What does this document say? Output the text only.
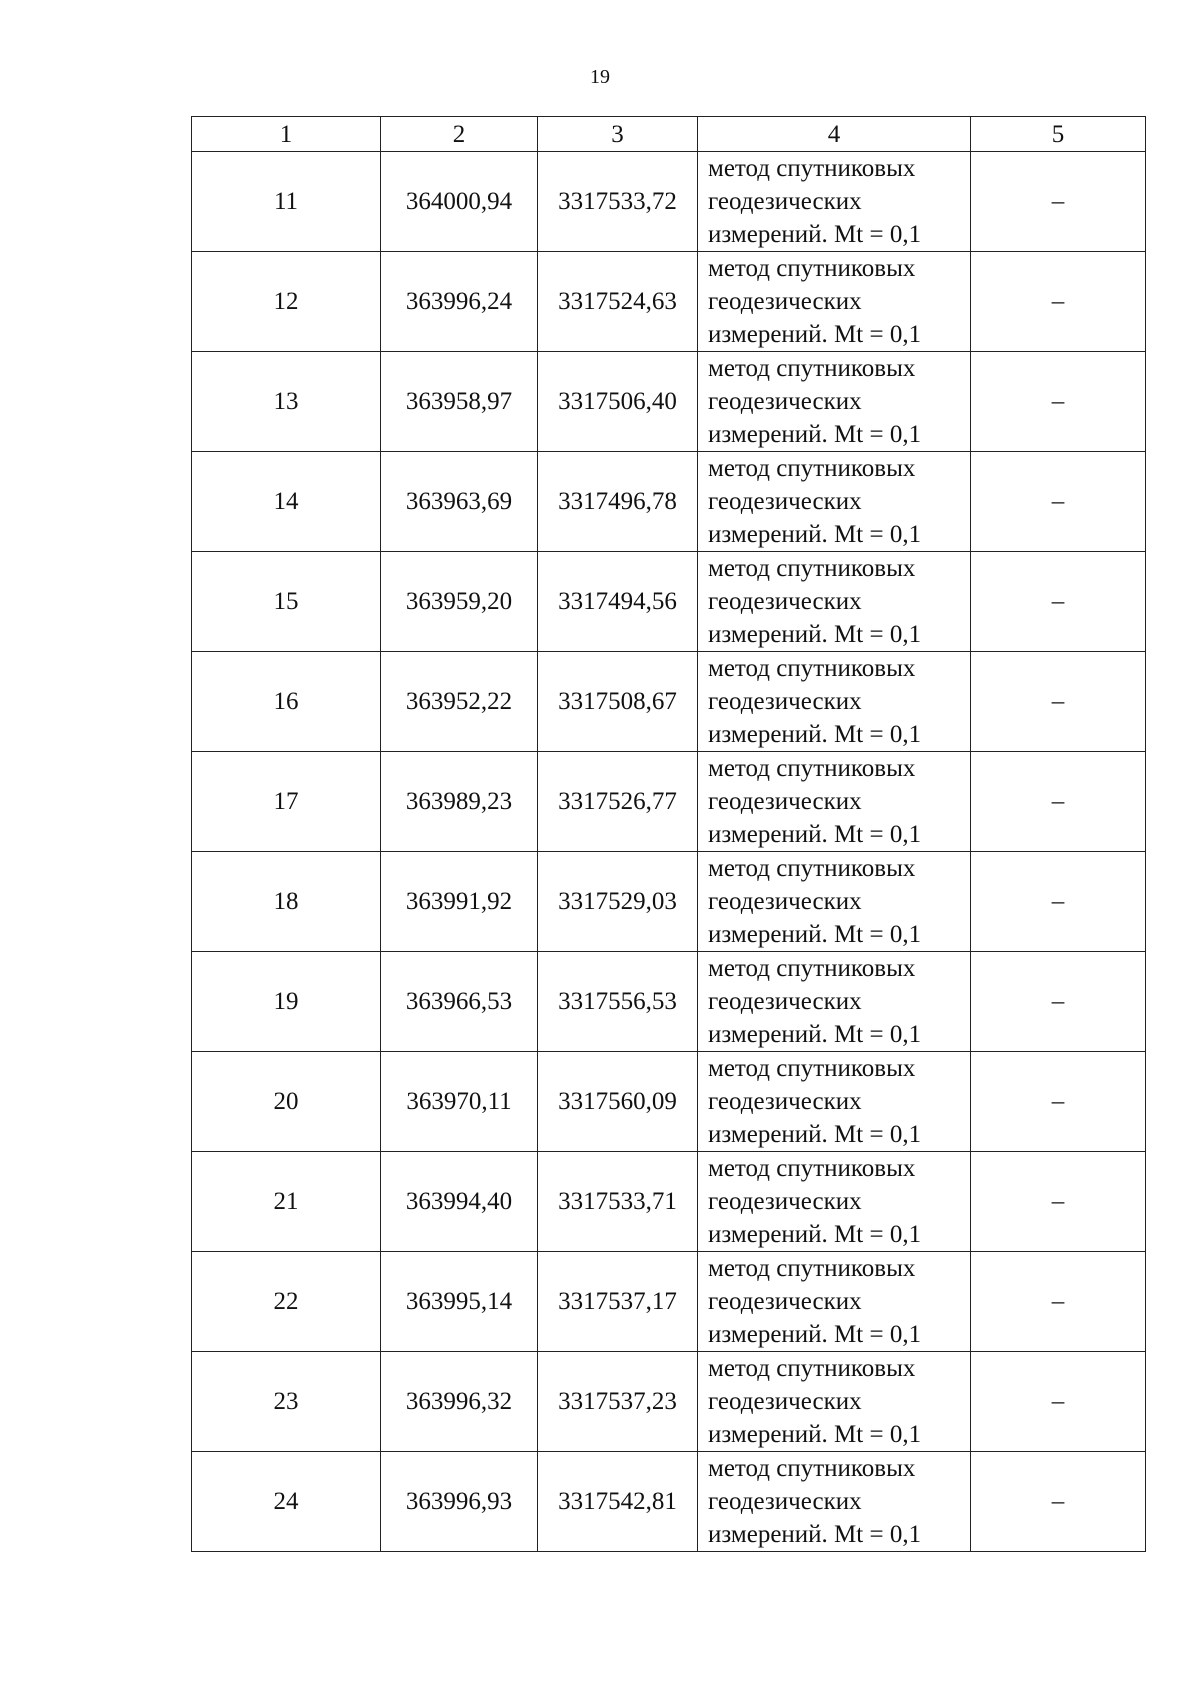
19
1	2	3	4	5
11	364000,94	3317533,72	метод спутниковых
геодезических
измерений. Mt = 0,1	–
12	363996,24	3317524,63	метод спутниковых
геодезических
измерений. Mt = 0,1	–
13	363958,97	3317506,40	метод спутниковых
геодезических
измерений. Mt = 0,1	–
14	363963,69	3317496,78	метод спутниковых
геодезических
измерений. Mt = 0,1	–
15	363959,20	3317494,56	метод спутниковых
геодезических
измерений. Mt = 0,1	–
16	363952,22	3317508,67	метод спутниковых
геодезических
измерений. Mt = 0,1	–
17	363989,23	3317526,77	метод спутниковых
геодезических
измерений. Mt = 0,1	–
18	363991,92	3317529,03	метод спутниковых
геодезических
измерений. Mt = 0,1	–
19	363966,53	3317556,53	метод спутниковых
геодезических
измерений. Mt = 0,1	–
20	363970,11	3317560,09	метод спутниковых
геодезических
измерений. Mt = 0,1	–
21	363994,40	3317533,71	метод спутниковых
геодезических
измерений. Mt = 0,1	–
22	363995,14	3317537,17	метод спутниковых
геодезических
измерений. Mt = 0,1	–
23	363996,32	3317537,23	метод спутниковых
геодезических
измерений. Mt = 0,1	–
24	363996,93	3317542,81	метод спутниковых
геодезических
измерений. Mt = 0,1	–
